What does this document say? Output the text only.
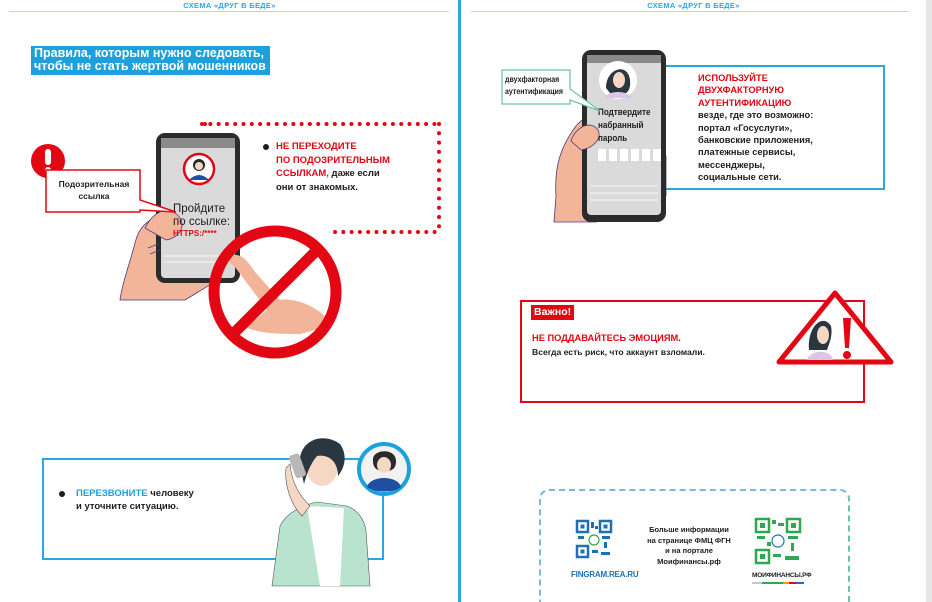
СХЕМА «ДРУГ В БЕДЕ»
Правила, которым нужно следовать,
чтобы не стать жертвой мошенников
Пройдите
по ссылке:
HTTPS:/****
Подозрительная
ссылка
НЕ ПЕРЕХОДИТЕ
ПО ПОДОЗРИТЕЛЬНЫМ
ССЫЛКАМ, даже если
они от знакомых.
ПЕРЕЗВОНИТЕ человеку
и уточните ситуацию.
СХЕМА «ДРУГ В БЕДЕ»
Подтвердите
набранный
пароль
двухфакторная
аутентификация
ИСПОЛЬЗУЙТЕ
ДВУХФАКТОРНУЮ
АУТЕНТИФИКАЦИЮ
везде, где это возможно:
портал «Госуслуги»,
банковские приложения,
платежные сервисы,
мессенджеры,
социальные сети.
Важно!
НЕ ПОДДАВАЙТЕСЬ ЭМОЦИЯМ.
Всегда есть риск, что аккаунт взломали.
FINGRAM.REA.RU
Больше информации
на странице ФМЦ ФГН
и на портале
Моифинансы.рф
МОИФИНАНСЫ.РФ
